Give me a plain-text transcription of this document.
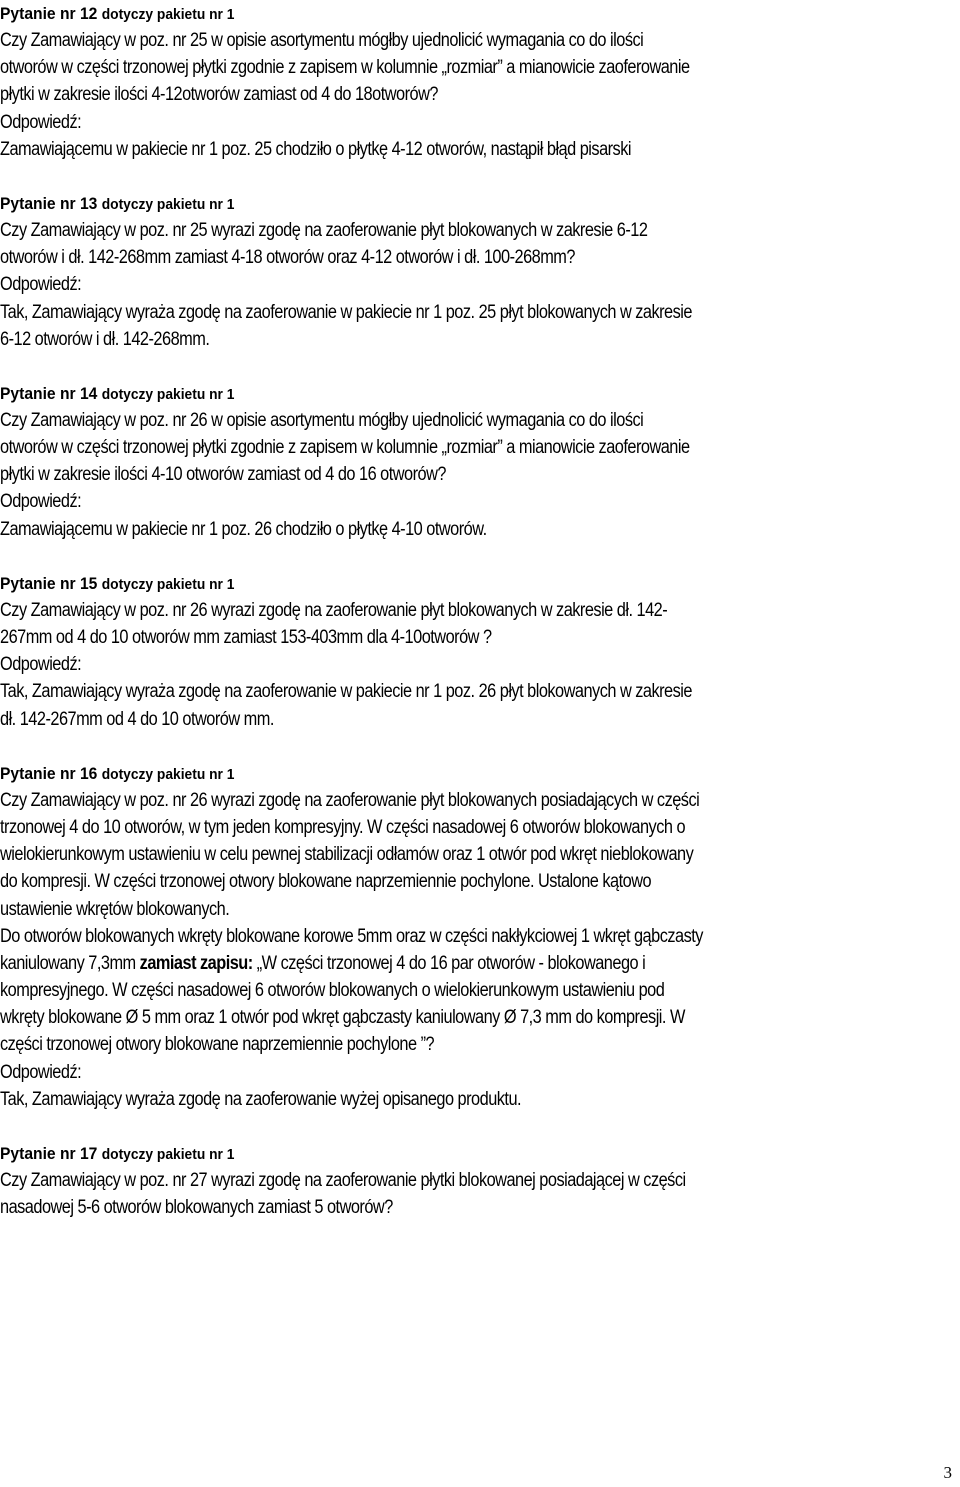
Pytanie nr 12 dotyczy pakietu nr 1
Czy Zamawiający w poz. nr 25 w opisie asortymentu mógłby ujednolicić wymagania co do ilości
otworów w części trzonowej płytki zgodnie z zapisem w kolumnie „rozmiar” a mianowicie zaoferowanie
płytki w zakresie ilości 4-12otworów zamiast od 4 do 18otworów?
Odpowiedź:
Zamawiającemu w pakiecie nr 1 poz. 25 chodziło o płytkę 4-12 otworów, nastąpił błąd pisarski
Pytanie nr 13 dotyczy pakietu nr 1
Czy Zamawiający w poz. nr 25 wyrazi zgodę na zaoferowanie płyt blokowanych w zakresie 6-12
otworów i dł. 142-268mm zamiast 4-18 otworów oraz 4-12 otworów i dł. 100-268mm?
Odpowiedź:
Tak, Zamawiający wyraża zgodę na zaoferowanie w pakiecie nr 1 poz. 25 płyt blokowanych w zakresie
6-12 otworów i dł. 142-268mm.
Pytanie nr 14 dotyczy pakietu nr 1
Czy Zamawiający w poz. nr 26 w opisie asortymentu mógłby ujednolicić wymagania co do ilości
otworów w części trzonowej płytki zgodnie z zapisem w kolumnie „rozmiar” a mianowicie zaoferowanie
płytki w zakresie ilości 4-10 otworów zamiast od 4 do 16 otworów?
Odpowiedź:
Zamawiającemu w pakiecie nr 1 poz. 26 chodziło o płytkę 4-10 otworów.
Pytanie nr 15 dotyczy pakietu nr 1
Czy Zamawiający w poz. nr 26 wyrazi zgodę na zaoferowanie płyt blokowanych w zakresie dł. 142-
267mm od 4 do 10 otworów mm zamiast 153-403mm dla 4-10otworów ?
Odpowiedź:
Tak, Zamawiający wyraża zgodę na zaoferowanie w pakiecie nr 1 poz. 26 płyt blokowanych w zakresie
dł. 142-267mm od 4 do 10 otworów mm.
Pytanie nr 16 dotyczy pakietu nr 1
Czy Zamawiający w poz. nr 26 wyrazi zgodę na zaoferowanie płyt blokowanych posiadających w części
trzonowej 4 do 10 otworów, w tym jeden kompresyjny. W części nasadowej 6 otworów blokowanych o
wielokierunkowym ustawieniu w celu pewnej stabilizacji odłamów oraz 1 otwór pod wkręt nieblokowany
do kompresji. W części trzonowej otwory blokowane naprzemiennie pochylone. Ustalone kątowo
ustawienie wkrętów blokowanych.
Do otworów blokowanych wkręty blokowane korowe 5mm oraz w części nakłykciowej 1 wkręt gąbczasty
kaniulowany 7,3mm zamiast zapisu: „W części trzonowej 4 do 16 par otworów - blokowanego i
kompresyjnego. W części nasadowej 6 otworów blokowanych o wielokierunkowym ustawieniu pod
wkręty blokowane Ø 5 mm oraz 1 otwór pod wkręt gąbczasty kaniulowany Ø 7,3 mm do kompresji. W
części trzonowej otwory blokowane naprzemiennie pochylone ”?
Odpowiedź:
Tak, Zamawiający wyraża zgodę na zaoferowanie wyżej opisanego produktu.
Pytanie nr 17 dotyczy pakietu nr 1
Czy Zamawiający w poz. nr 27 wyrazi zgodę na zaoferowanie płytki blokowanej posiadającej w części
nasadowej 5-6 otworów blokowanych zamiast 5 otworów?
3
